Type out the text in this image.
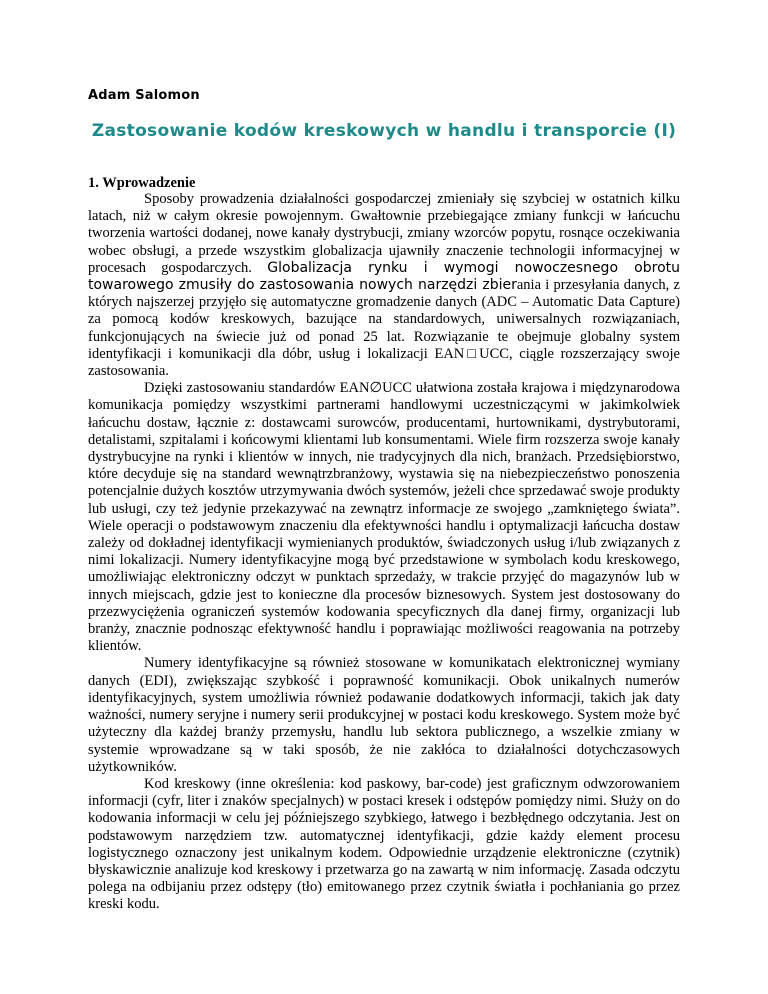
Adam Salomon
Zastosowanie kodów kreskowych w handlu i transporcie (I)
1. Wprowadzenie

Sposoby prowadzenia działalności gospodarczej zmieniały się szybciej w ostatnich kilku latach, niż w całym okresie powojennym. Gwałtownie przebiegające zmiany funkcji w łańcuchu tworzenia wartości dodanej, nowe kanały dystrybucji, zmiany wzorców popytu, rosnące oczekiwania wobec obsługi, a przede wszystkim globalizacja ujawniły znaczenie technologii informacyjnej w procesach gospodarczych. Globalizacja rynku i wymogi nowoczesnego obrotu towarowego zmusiły do zastosowania nowych narzędzi zbierania i przesyłania danych, z których najszerzej przyjęło się automatyczne gromadzenie danych (ADC – Automatic Data Capture) za pomocą kodów kreskowych, bazujące na standardowych, uniwersalnych rozwiązaniach, funkcjonujących na świecie już od ponad 25 lat. Rozwiązanie te obejmuje globalny system identyfikacji i komunikacji dla dóbr, usług i lokalizacji EAN□UCC, ciągle rozszerzający swoje zastosowania.

Dzięki zastosowaniu standardów EAN∅UCC ułatwiona została krajowa i międzynarodowa komunikacja pomiędzy wszystkimi partnerami handlowymi uczestniczącymi w jakimkolwiek łańcuchu dostaw, łącznie z: dostawcami surowców, producentami, hurtownikami, dystrybutorami, detalistami, szpitalami i końcowymi klientami lub konsumentami. Wiele firm rozszerza swoje kanały dystrybucyjne na rynki i klientów w innych, nie tradycyjnych dla nich, branżach. Przedsiębiorstwo, które decyduje się na standard wewnątrzbranżowy, wystawia się na niebezpieczeństwo ponoszenia potencjalnie dużych kosztów utrzymywania dwóch systemów, jeżeli chce sprzedawać swoje produkty lub usługi, czy też jedynie przekazywać na zewnątrz informacje ze swojego „zamkniętego świata”. Wiele operacji o podstawowym znaczeniu dla efektywności handlu i optymalizacji łańcucha dostaw zależy od dokładnej identyfikacji wymienianych produktów, świadczonych usług i/lub związanych z nimi lokalizacji. Numery identyfikacyjne mogą być przedstawione w symbolach kodu kreskowego, umożliwiając elektroniczny odczyt w punktach sprzedaży, w trakcie przyjęć do magazynów lub w innych miejscach, gdzie jest to konieczne dla procesów biznesowych. System jest dostosowany do przezwyciężenia ograniczeń systemów kodowania specyficznych dla danej firmy, organizacji lub branży, znacznie podnosząc efektywność handlu i poprawiając możliwości reagowania na potrzeby klientów.

Numery identyfikacyjne są również stosowane w komunikatach elektronicznej wymiany danych (EDI), zwiększając szybkość i poprawność komunikacji. Obok unikalnych numerów identyfikacyjnych, system umożliwia również podawanie dodatkowych informacji, takich jak daty ważności, numery seryjne i numery serii produkcyjnej w postaci kodu kreskowego. System może być użyteczny dla każdej branży przemysłu, handlu lub sektora publicznego, a wszelkie zmiany w systemie wprowadzane są w taki sposób, że nie zakłóca to działalności dotychczasowych użytkowników.

Kod kreskowy (inne określenia: kod paskowy, bar-code) jest graficznym odwzorowaniem informacji (cyfr, liter i znaków specjalnych) w postaci kresek i odstępów pomiędzy nimi. Służy on do kodowania informacji w celu jej późniejszego szybkiego, łatwego i bezbłędnego odczytania. Jest on podstawowym narzędziem tzw. automatycznej identyfikacji, gdzie każdy element procesu logistycznego oznaczony jest unikalnym kodem. Odpowiednie urządzenie elektroniczne (czytnik) błyskawicznie analizuje kod kreskowy i przetwarza go na zawartą w nim informację. Zasada odczytu polega na odbijaniu przez odstępy (tło) emitowanego przez czytnik światła i pochłaniania go przez kreski kodu.
